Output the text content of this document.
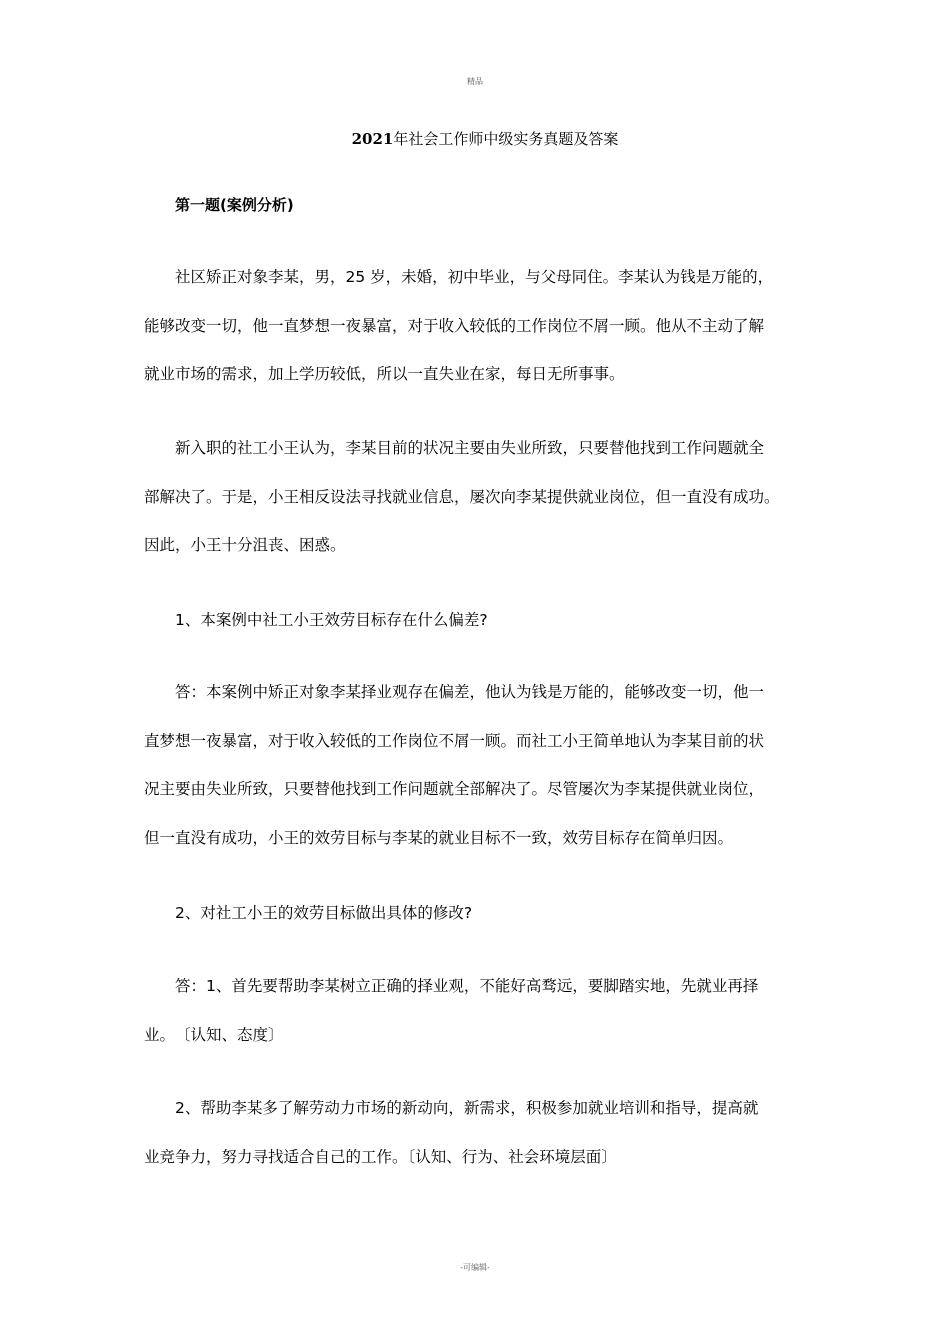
精品
2021年社会工作师中级实务真题及答案
第一题(案例分析)
社区矫正对象李某，男，25 岁，未婚，初中毕业，与父母同住。李某认为钱是万能的，
能够改变一切，他一直梦想一夜暴富，对于收入较低的工作岗位不屑一顾。他从不主动了解
就业市场的需求，加上学历较低，所以一直失业在家，每日无所事事。
新入职的社工小王认为，李某目前的状况主要由失业所致，只要替他找到工作问题就全
部解决了。于是，小王相反设法寻找就业信息，屡次向李某提供就业岗位，但一直没有成功。
因此，小王十分沮丧、困惑。
1、本案例中社工小王效劳目标存在什么偏差?
答：本案例中矫正对象李某择业观存在偏差，他认为钱是万能的，能够改变一切，他一
直梦想一夜暴富，对于收入较低的工作岗位不屑一顾。而社工小王简单地认为李某目前的状
况主要由失业所致，只要替他找到工作问题就全部解决了。尽管屡次为李某提供就业岗位，
但一直没有成功，小王的效劳目标与李某的就业目标不一致，效劳目标存在简单归因。
2、对社工小王的效劳目标做出具体的修改?
答：1、首先要帮助李某树立正确的择业观，不能好高骛远，要脚踏实地，先就业再择
业。　〔认知、态度〕
2、帮助李某多了解劳动力市场的新动向，新需求，积极参加就业培训和指导，提高就
业竞争力，努力寻找适合自己的工作。〔认知、行为、社会环境层面〕
-可编辑-
